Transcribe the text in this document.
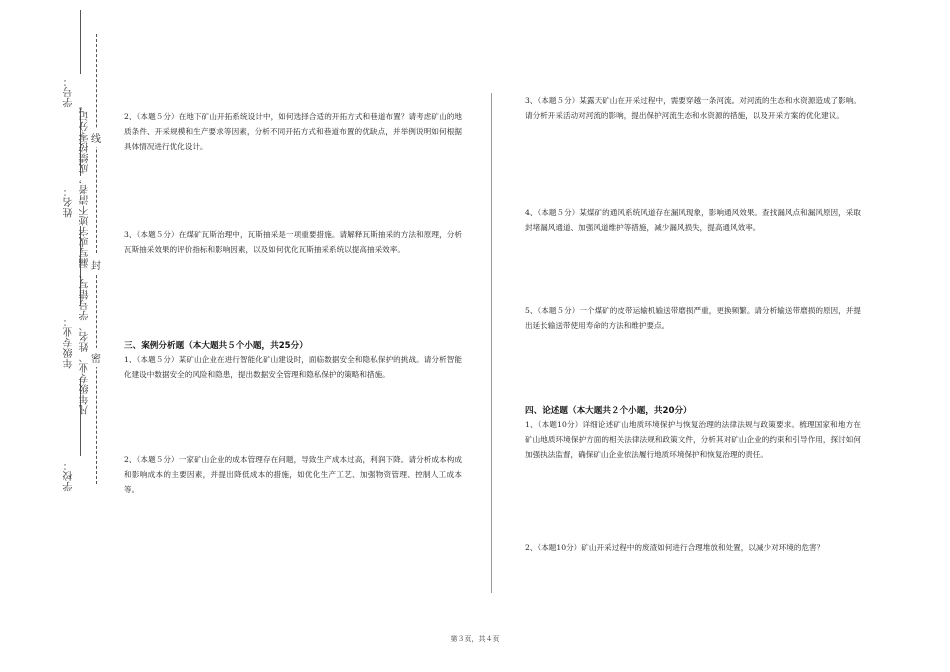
学号：
姓名：
年级专业：
学校：
凡年级专业、姓名、学号错写、漏写或字迹不清者，成绩按零分记。 密
封
线
2、（本题５分）在地下矿山开拓系统设计中，如何选择合适的开拓方式和巷道布置？请考虑矿山的地质条件、开采规模和生产要求等因素，分析不同开拓方式和巷道布置的优缺点，并举例说明如何根据具体情况进行优化设计。
3、（本题５分）在煤矿瓦斯治理中，瓦斯抽采是一项重要措施。请解释瓦斯抽采的方法和原理，分析瓦斯抽采效果的评价指标和影响因素，以及如何优化瓦斯抽采系统以提高抽采效率。
三、案例分析题（本大题共５个小题，共25分）
1、（本题５分）某矿山企业在进行智能化矿山建设时，面临数据安全和隐私保护的挑战。请分析智能化建设中数据安全的风险和隐患，提出数据安全管理和隐私保护的策略和措施。
2、（本题５分）一家矿山企业的成本管理存在问题，导致生产成本过高，利润下降。请分析成本构成和影响成本的主要因素，并提出降低成本的措施，如优化生产工艺、加强物资管理、控制人工成本等。
3、（本题５分）某露天矿山在开采过程中，需要穿越一条河流。对河流的生态和水资源造成了影响。请分析开采活动对河流的影响，提出保护河流生态和水资源的措施，以及开采方案的优化建议。
4、（本题５分）某煤矿的通风系统风道存在漏风现象，影响通风效果。查找漏风点和漏风原因，采取封堵漏风通道、加强风道维护等措施，减少漏风损失，提高通风效率。
5、（本题５分）一个煤矿的皮带运输机输送带磨损严重，更换频繁。请分析输送带磨损的原因，并提出延长输送带使用寿命的方法和维护要点。
四、论述题（本大题共２个小题，共20分）
1、（本题10分）详细论述矿山地质环境保护与恢复治理的法律法规与政策要求。梳理国家和地方在矿山地质环境保护方面的相关法律法规和政策文件，分析其对矿山企业的约束和引导作用，探讨如何加强执法监督，确保矿山企业依法履行地质环境保护和恢复治理的责任。
2、（本题10分）矿山开采过程中的废渣如何进行合理堆放和处置，以减少对环境的危害？
第３页，共４页
